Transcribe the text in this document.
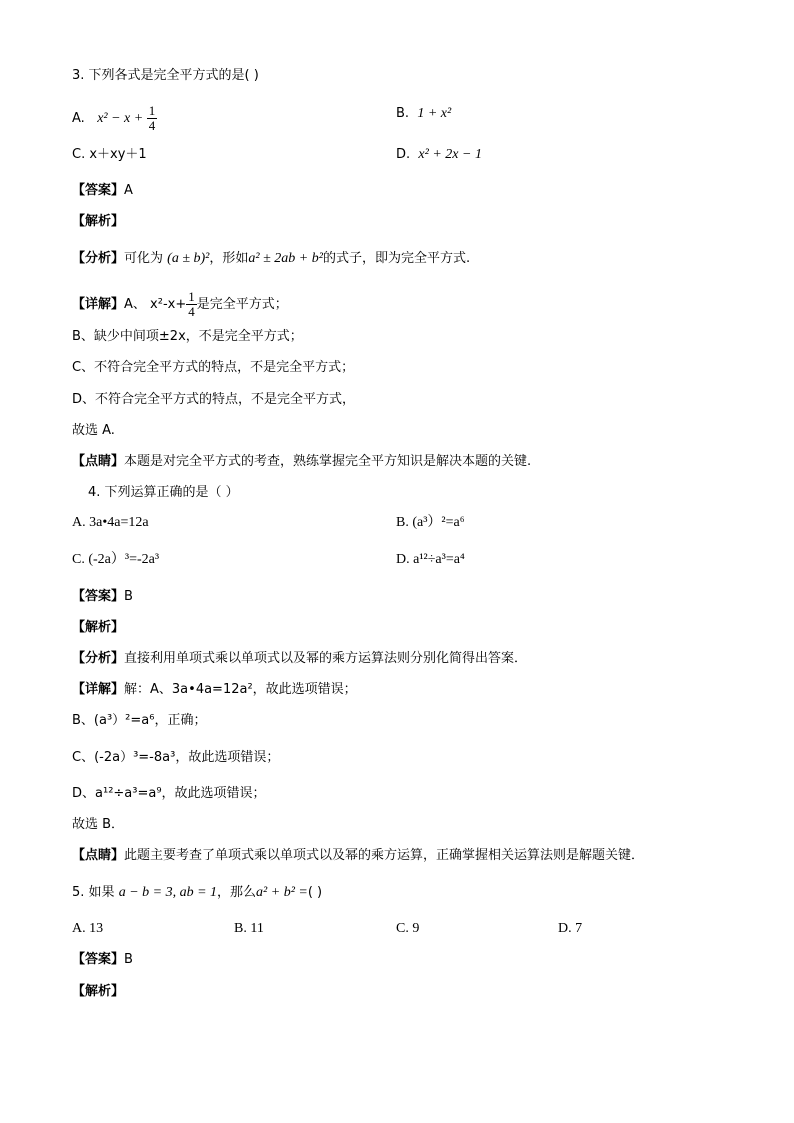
3. 下列各式是完全平方式的是( )
A. $x^2 - x + \frac{1}{4}$	B. 1 + x²
C. x＋xy＋1	D. x² + 2x − 1
【答案】A
【解析】
【分析】可化为 (a ± b)²，形如a² ± 2ab + b²的式子，即为完全平方式.
【详解】A、 $x^2-x+ \frac{1}{4}$ 是完全平方式；
B、缺少中间项±2x，不是完全平方式；
C、不符合完全平方式的特点，不是完全平方式；
D、不符合完全平方式的特点，不是完全平方式，
故选 A.
【点睛】本题是对完全平方式的考查，熟练掌握完全平方知识是解决本题的关键.
4. 下列运算正确的是（ ）
A. 3a•4a=12a	B. (a³）²=a⁶
C. (-2a）³=-2a³	D. a¹²÷a³=a⁴
【答案】B
【解析】
【分析】直接利用单项式乘以单项式以及幂的乘方运算法则分别化简得出答案．
【详解】解：A、3a•4a=12a²，故此选项错误；
B、(a³）²=a⁶，正确；
C、(-2a）³=-8a³，故此选项错误；
D、a¹²÷a³=a⁹，故此选项错误；
故选 B．
【点睛】此题主要考查了单项式乘以单项式以及幂的乘方运算，正确掌握相关运算法则是解题关键．
5. 如果 a − b = 3, ab = 1，那么a² + b² =( )
A. 13	B. 11	C. 9	D. 7
【答案】B
【解析】
